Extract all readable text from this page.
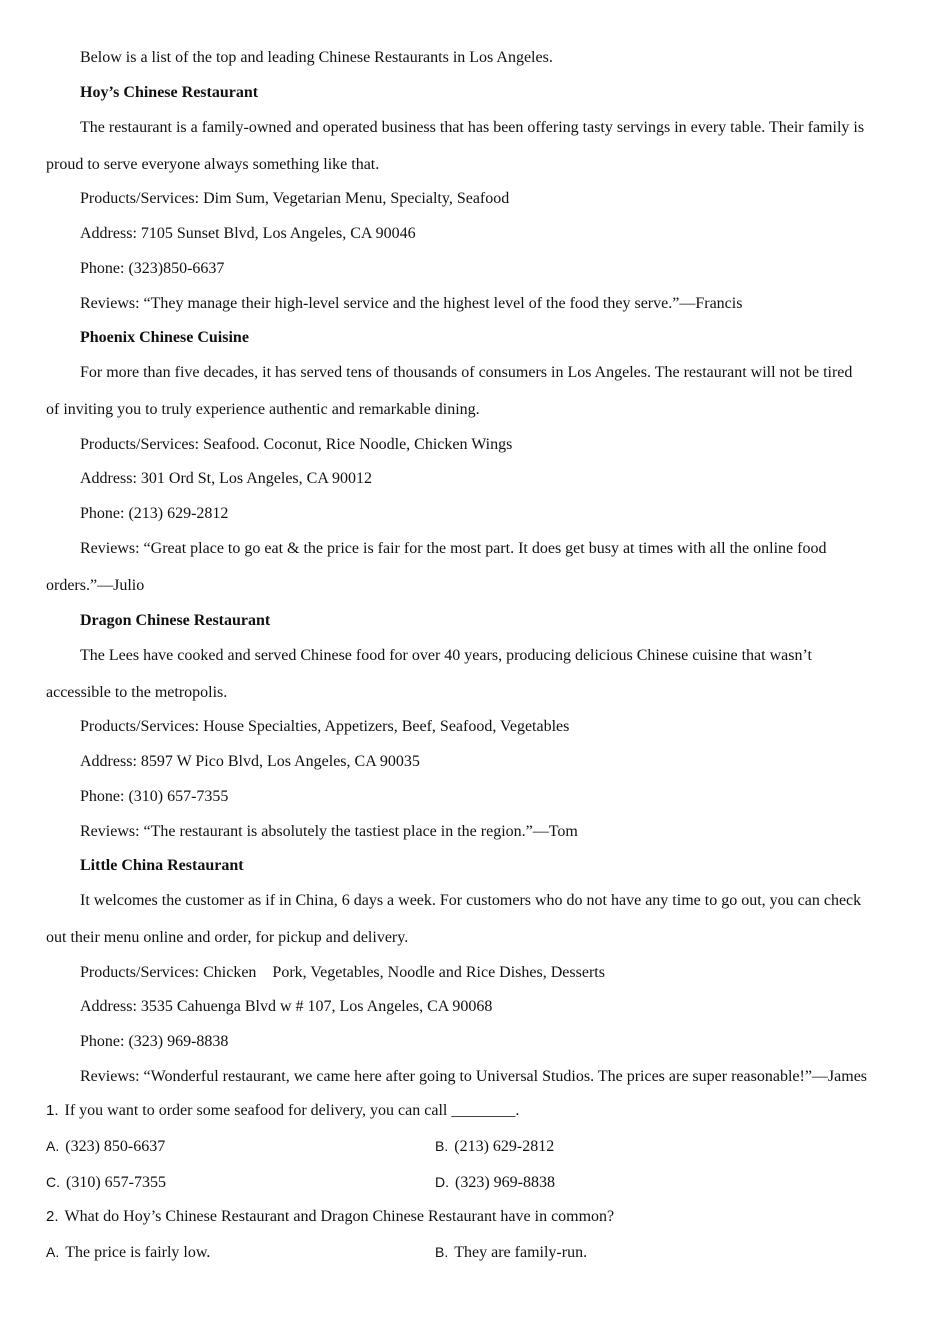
Below is a list of the top and leading Chinese Restaurants in Los Angeles.
Hoy’s Chinese Restaurant
The restaurant is a family-owned and operated business that has been offering tasty servings in every table. Their family is
proud to serve everyone always something like that.
Products/Services: Dim Sum, Vegetarian Menu, Specialty, Seafood
Address: 7105 Sunset Blvd, Los Angeles, CA 90046
Phone: (323)850-6637
Reviews: “They manage their high-level service and the highest level of the food they serve.”—Francis
Phoenix Chinese Cuisine
For more than five decades, it has served tens of thousands of consumers in Los Angeles. The restaurant will not be tired
of inviting you to truly experience authentic and remarkable dining.
Products/Services: Seafood. Coconut, Rice Noodle, Chicken Wings
Address: 301 Ord St, Los Angeles, CA 90012
Phone: (213) 629-2812
Reviews: “Great place to go eat & the price is fair for the most part. It does get busy at times with all the online food
orders.”—Julio
Dragon Chinese Restaurant
The Lees have cooked and served Chinese food for over 40 years, producing delicious Chinese cuisine that wasn’t
accessible to the metropolis.
Products/Services: House Specialties, Appetizers, Beef, Seafood, Vegetables
Address: 8597 W Pico Blvd, Los Angeles, CA 90035
Phone: (310) 657-7355
Reviews: “The restaurant is absolutely the tastiest place in the region.”—Tom
Little China Restaurant
It welcomes the customer as if in China, 6 days a week. For customers who do not have any time to go out, you can check
out their menu online and order, for pickup and delivery.
Products/Services: Chicken　Pork, Vegetables, Noodle and Rice Dishes, Desserts
Address: 3535 Cahuenga Blvd w # 107, Los Angeles, CA 90068
Phone: (323) 969-8838
Reviews: “Wonderful restaurant, we came here after going to Universal Studios. The prices are super reasonable!”—James
1. If you want to order some seafood for delivery, you can call ________.
A. (323) 850-6637	B. (213) 629-2812
C. (310) 657-7355	D. (323) 969-8838
2. What do Hoy’s Chinese Restaurant and Dragon Chinese Restaurant have in common?
A. The price is fairly low.	B. They are family-run.
